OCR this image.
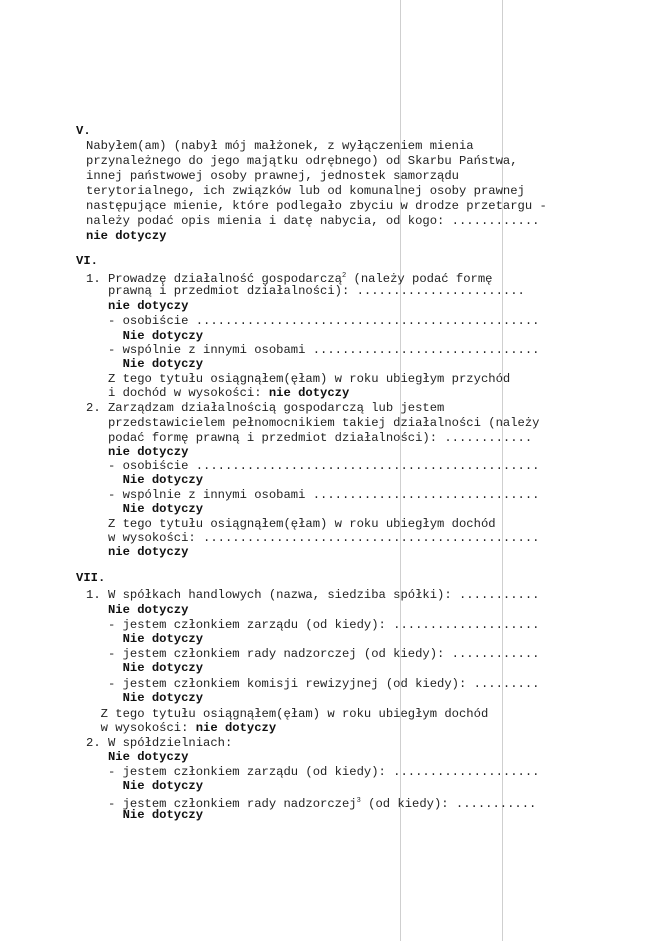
V.
Nabyłem(am) (nabył mój małżonek, z wyłączeniem mienia
przynależnego do jego majątku odrębnego) od Skarbu Państwa,
innej państwowej osoby prawnej, jednostek samorządu
terytorialnego, ich związków lub od komunalnej osoby prawnej
następujące mienie, które podlegało zbyciu w drodze przetargu -
należy podać opis mienia i datę nabycia, od kogo: ............
nie dotyczy
VI.
1. Prowadzę działalność gospodarczą$^2$ (należy podać formę
prawną i przedmiot działalności): .......................
nie dotyczy
- osobiście ...............................................
Nie dotyczy
- wspólnie z innymi osobami ...............................
Nie dotyczy
Z tego tytułu osiągnąłem(ęłam) w roku ubiegłym przychód
i dochód w wysokości: nie dotyczy
2. Zarządzam działalnością gospodarczą lub jestem
przedstawicielem pełnomocnikiem takiej działalności (należy
podać formę prawną i przedmiot działalności): ............
nie dotyczy
- osobiście ...............................................
Nie dotyczy
- wspólnie z innymi osobami ...............................
Nie dotyczy
Z tego tytułu osiągnąłem(ęłam) w roku ubiegłym dochód
w wysokości: ..............................................
nie dotyczy
VII.
1. W spółkach handlowych (nazwa, siedziba spółki): ...........
Nie dotyczy
- jestem członkiem zarządu (od kiedy): ....................
Nie dotyczy
- jestem członkiem rady nadzorczej (od kiedy): ............
Nie dotyczy
- jestem członkiem komisji rewizyjnej (od kiedy): .........
Nie dotyczy
Z tego tytułu osiągnąłem(ęłam) w roku ubiegłym dochód
w wysokości: nie dotyczy
2. W spółdzielniach:
Nie dotyczy
- jestem członkiem zarządu (od kiedy): ....................
Nie dotyczy
- jestem członkiem rady nadzorczej$^3$ (od kiedy): ...........
Nie dotyczy
